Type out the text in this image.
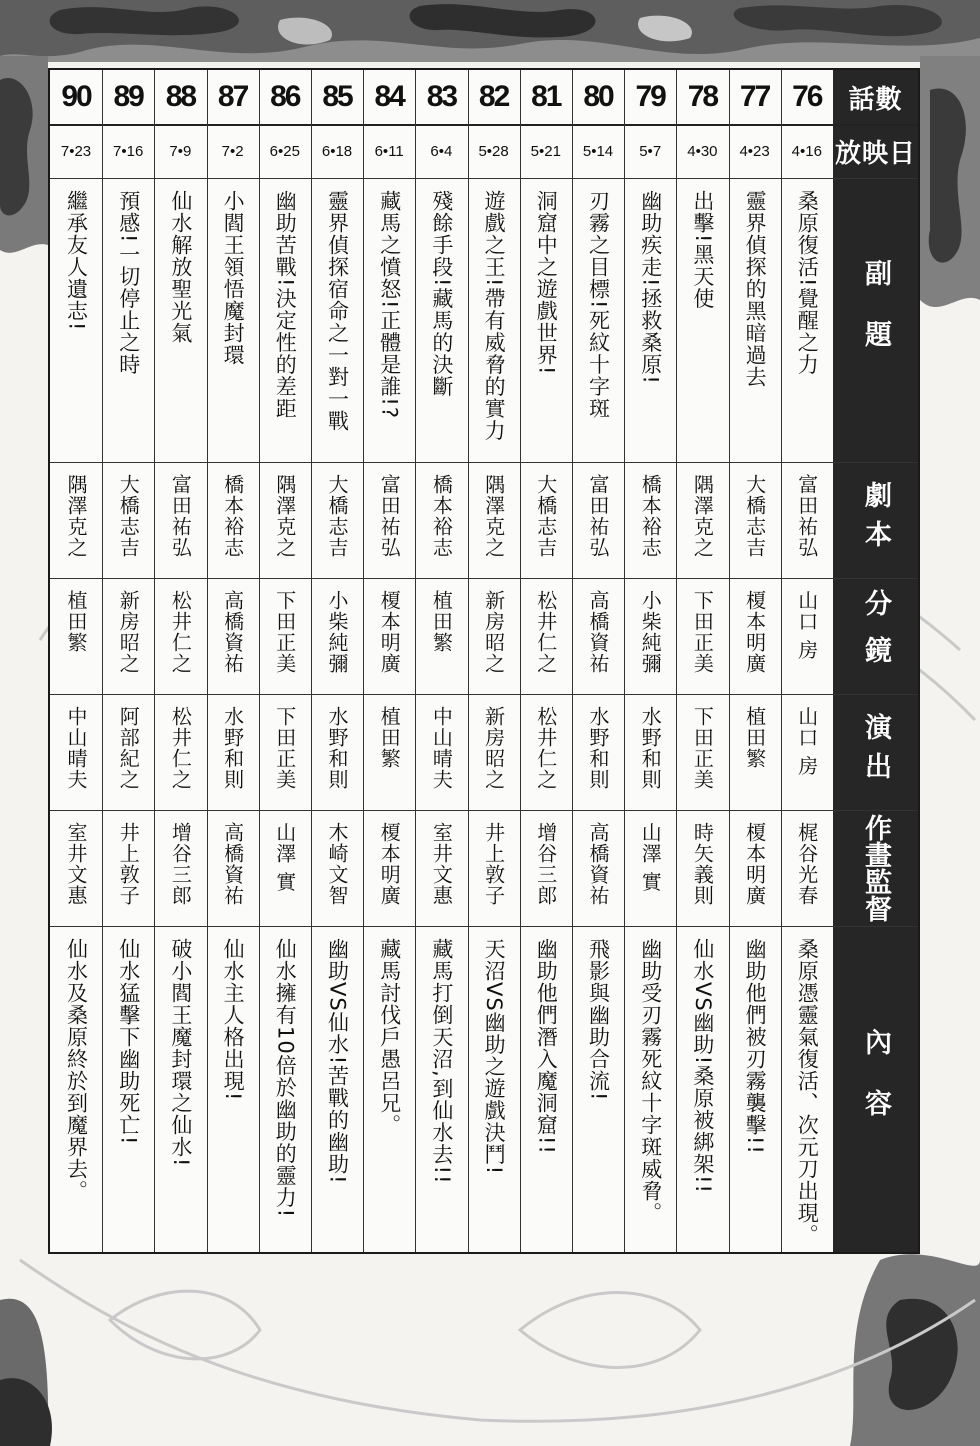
話數
放映日
副題
劇本
分鏡
演出
作畫監督
內容
76
4•16
桑原復活!覺醒之力
富田祐弘
山口 房
山口 房
梶谷光春
桑原憑靈氣復活、次元刀出現。
77
4•23
靈界偵探的黑暗過去
大橋志吉
榎本明廣
植田繁
榎本明廣
幽助他們被刃霧襲擊!!
78
4•30
出擊!黑天使
隅澤克之
下田正美
下田正美
時矢義則
仙水VS幽助!桑原被綁架!!
79
5•7
幽助疾走!拯救桑原!
橋本裕志
小柴純彌
水野和則
山澤 實
幽助受刃霧死紋十字斑威脅。
80
5•14
刃霧之目標!死紋十字斑
富田祐弘
高橋資祐
水野和則
高橋資祐
飛影與幽助合流!
81
5•21
洞窟中之遊戲世界!
大橋志吉
松井仁之
松井仁之
增谷三郎
幽助他們潛入魔洞窟!!
82
5•28
遊戲之王!帶有威脅的實力
隅澤克之
新房昭之
新房昭之
井上敦子
天沼VS幽助之遊戲決鬥!
83
6•4
殘餘手段!藏馬的決斷
橋本裕志
植田繁
中山晴夫
室井文惠
藏馬打倒天沼,到仙水去!!
84
6•11
藏馬之憤怒!正體是誰!?
富田祐弘
榎本明廣
植田繁
榎本明廣
藏馬討伐戶愚呂兄。
85
6•18
靈界偵探宿命之一對一戰
大橋志吉
小柴純彌
水野和則
木崎文智
幽助VS仙水!苦戰的幽助!
86
6•25
幽助苦戰!決定性的差距
隅澤克之
下田正美
下田正美
山澤 實
仙水擁有10倍於幽助的靈力!
87
7•2
小閻王領悟魔封環
橋本裕志
高橋資祐
水野和則
高橋資祐
仙水主人格出現!
88
7•9
仙水解放聖光氣
富田祐弘
松井仁之
松井仁之
增谷三郎
破小閻王魔封環之仙水!
89
7•16
預感!一切停止之時
大橋志吉
新房昭之
阿部紀之
井上敦子
仙水猛擊下幽助死亡!
90
7•23
繼承友人遺志!
隅澤克之
植田繁
中山晴夫
室井文惠
仙水及桑原終於到魔界去。
